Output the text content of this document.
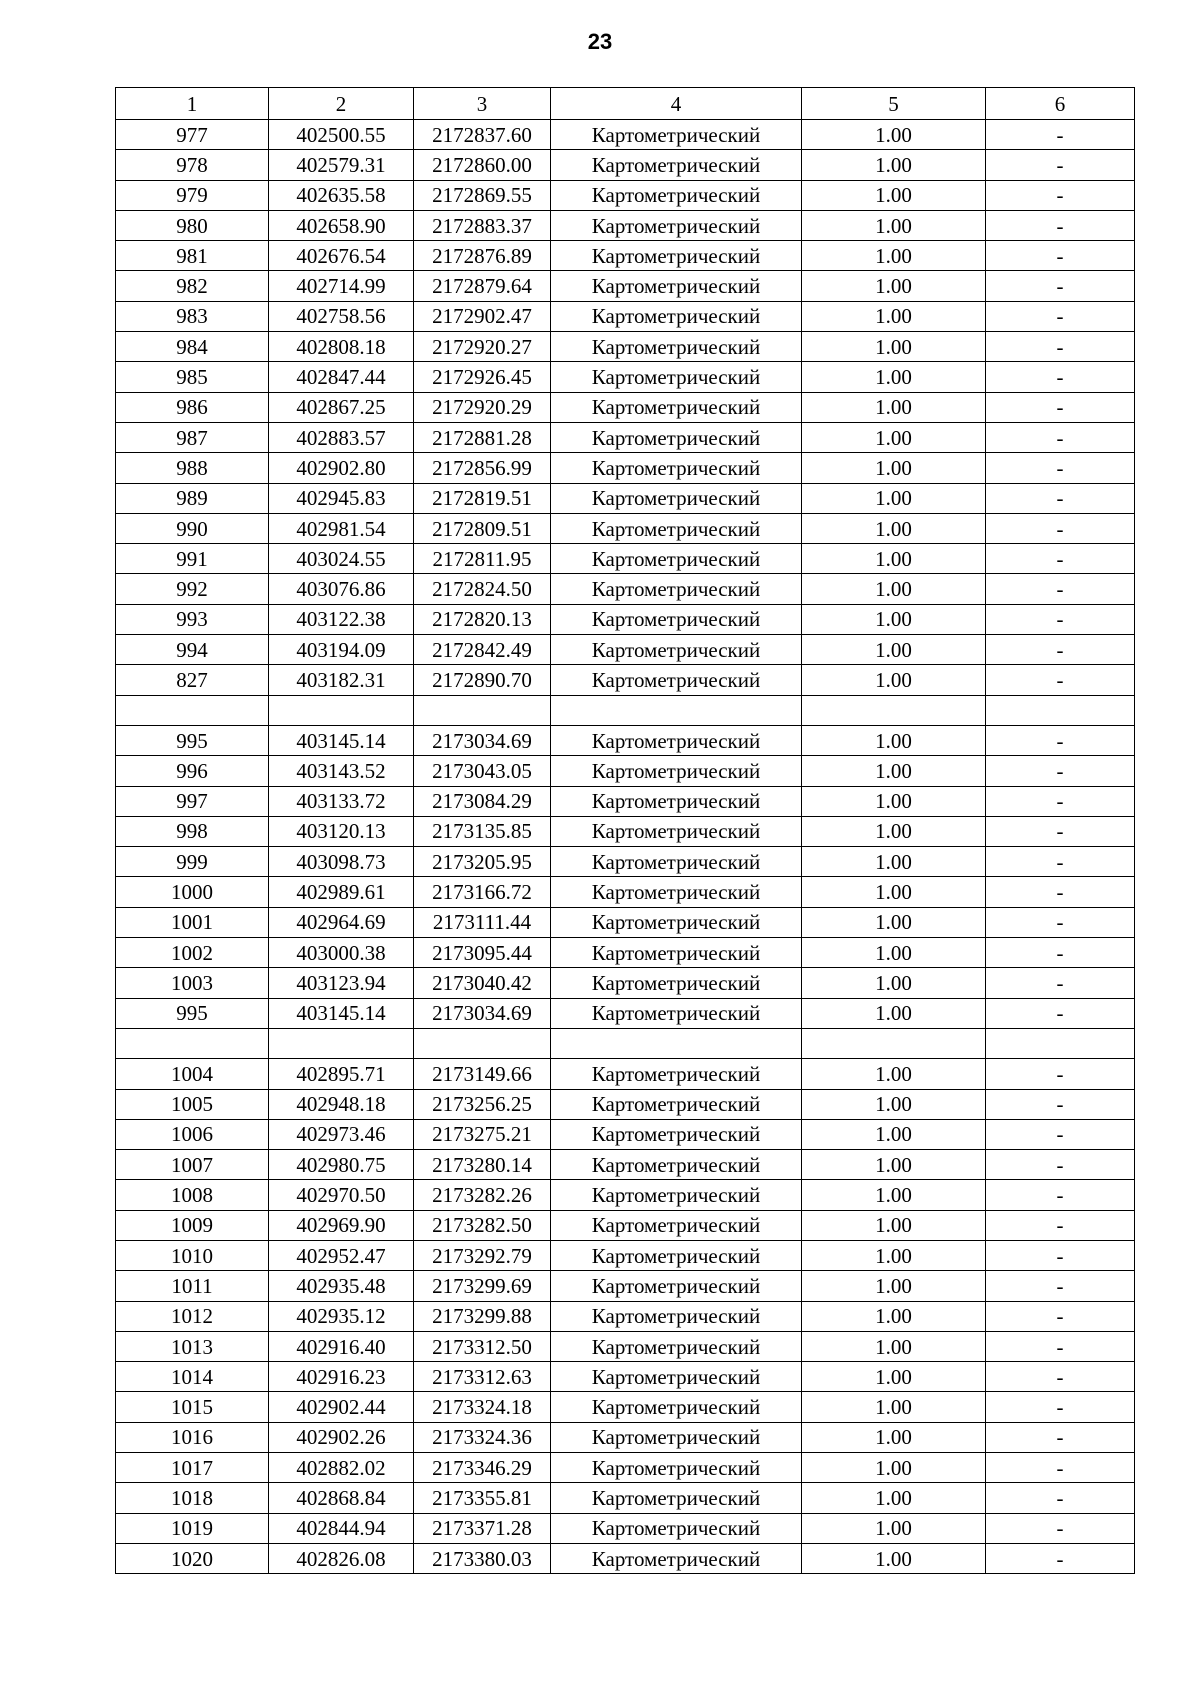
23
1	2	3	4	5	6
977	402500.55	2172837.60	Картометрический	1.00	-
978	402579.31	2172860.00	Картометрический	1.00	-
979	402635.58	2172869.55	Картометрический	1.00	-
980	402658.90	2172883.37	Картометрический	1.00	-
981	402676.54	2172876.89	Картометрический	1.00	-
982	402714.99	2172879.64	Картометрический	1.00	-
983	402758.56	2172902.47	Картометрический	1.00	-
984	402808.18	2172920.27	Картометрический	1.00	-
985	402847.44	2172926.45	Картометрический	1.00	-
986	402867.25	2172920.29	Картометрический	1.00	-
987	402883.57	2172881.28	Картометрический	1.00	-
988	402902.80	2172856.99	Картометрический	1.00	-
989	402945.83	2172819.51	Картометрический	1.00	-
990	402981.54	2172809.51	Картометрический	1.00	-
991	403024.55	2172811.95	Картометрический	1.00	-
992	403076.86	2172824.50	Картометрический	1.00	-
993	403122.38	2172820.13	Картометрический	1.00	-
994	403194.09	2172842.49	Картометрический	1.00	-
827	403182.31	2172890.70	Картометрический	1.00	-

995	403145.14	2173034.69	Картометрический	1.00	-
996	403143.52	2173043.05	Картометрический	1.00	-
997	403133.72	2173084.29	Картометрический	1.00	-
998	403120.13	2173135.85	Картометрический	1.00	-
999	403098.73	2173205.95	Картометрический	1.00	-
1000	402989.61	2173166.72	Картометрический	1.00	-
1001	402964.69	2173111.44	Картометрический	1.00	-
1002	403000.38	2173095.44	Картометрический	1.00	-
1003	403123.94	2173040.42	Картометрический	1.00	-
995	403145.14	2173034.69	Картометрический	1.00	-

1004	402895.71	2173149.66	Картометрический	1.00	-
1005	402948.18	2173256.25	Картометрический	1.00	-
1006	402973.46	2173275.21	Картометрический	1.00	-
1007	402980.75	2173280.14	Картометрический	1.00	-
1008	402970.50	2173282.26	Картометрический	1.00	-
1009	402969.90	2173282.50	Картометрический	1.00	-
1010	402952.47	2173292.79	Картометрический	1.00	-
1011	402935.48	2173299.69	Картометрический	1.00	-
1012	402935.12	2173299.88	Картометрический	1.00	-
1013	402916.40	2173312.50	Картометрический	1.00	-
1014	402916.23	2173312.63	Картометрический	1.00	-
1015	402902.44	2173324.18	Картометрический	1.00	-
1016	402902.26	2173324.36	Картометрический	1.00	-
1017	402882.02	2173346.29	Картометрический	1.00	-
1018	402868.84	2173355.81	Картометрический	1.00	-
1019	402844.94	2173371.28	Картометрический	1.00	-
1020	402826.08	2173380.03	Картометрический	1.00	-
